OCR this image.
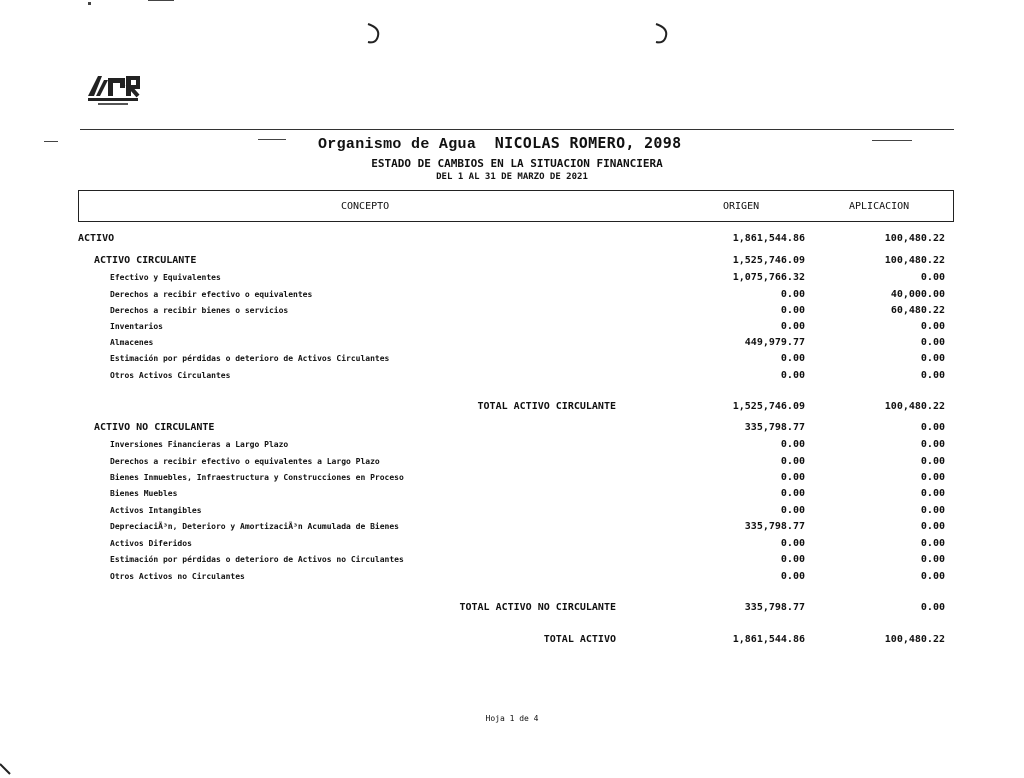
Organismo de Agua NICOLAS ROMERO, 2098
ESTADO DE CAMBIOS EN LA SITUACION FINANCIERA
DEL 1 AL 31 DE MARZO DE 2021
CONCEPTO	ORIGEN	APLICACION
ACTIVO	1,861,544.86	100,480.22
ACTIVO CIRCULANTE	1,525,746.09	100,480.22
Efectivo y Equivalentes	1,075,766.32	0.00
Derechos a recibir efectivo o equivalentes	0.00	40,000.00
Derechos a recibir bienes o servicios	0.00	60,480.22
Inventarios	0.00	0.00
Almacenes	449,979.77	0.00
Estimación por pérdidas o deterioro de Activos Circulantes	0.00	0.00
Otros Activos Circulantes	0.00	0.00
TOTAL ACTIVO CIRCULANTE	1,525,746.09	100,480.22
ACTIVO NO CIRCULANTE	335,798.77	0.00
Inversiones Financieras a Largo Plazo	0.00	0.00
Derechos a recibir efectivo o equivalentes a Largo Plazo	0.00	0.00
Bienes Inmuebles, Infraestructura y Construcciones en Proceso	0.00	0.00
Bienes Muebles	0.00	0.00
Activos Intangibles	0.00	0.00
DepreciaciÃ³n, Deterioro y AmortizaciÃ³n Acumulada de Bienes	335,798.77	0.00
Activos Diferidos	0.00	0.00
Estimación por pérdidas o deterioro de Activos no Circulantes	0.00	0.00
Otros Activos no Circulantes	0.00	0.00
TOTAL ACTIVO NO CIRCULANTE	335,798.77	0.00
TOTAL ACTIVO	1,861,544.86	100,480.22
Hoja 1 de 4
